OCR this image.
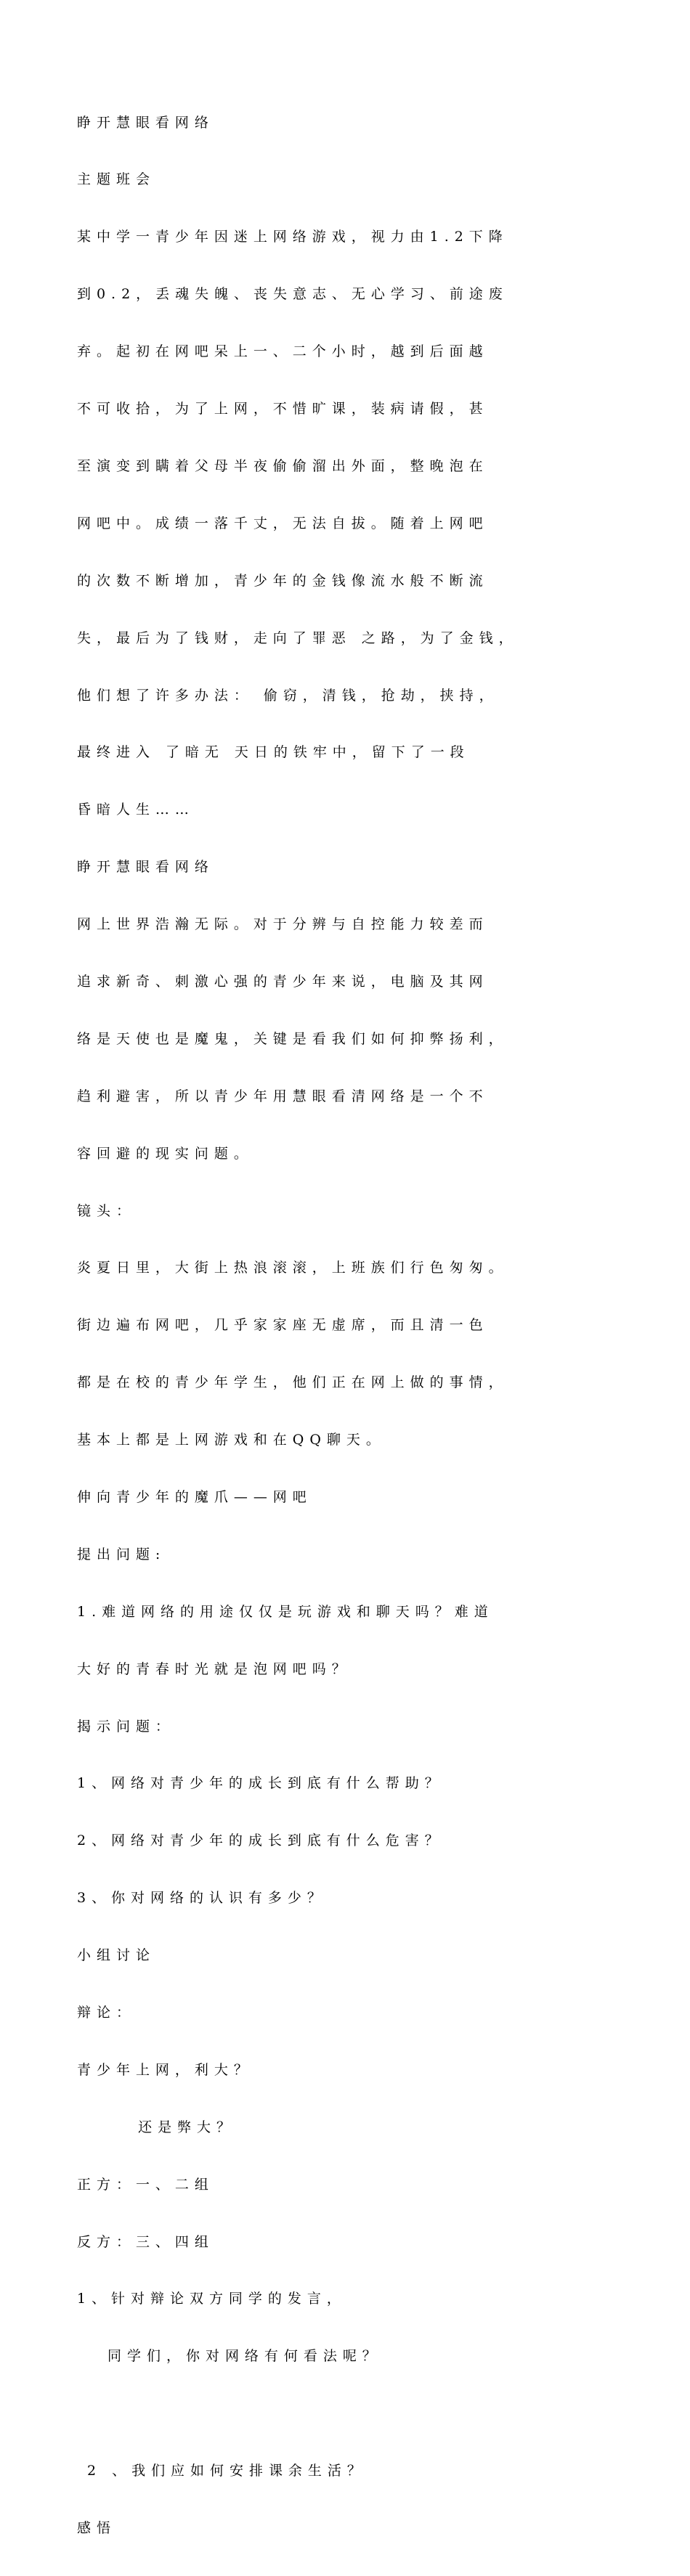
睁开慧眼看网络

主题班会

某中学一青少年因迷上网络游戏，视力由1.2下降

到0.2，丢魂失魄、丧失意志、无心学习、前途废

弃。起初在网吧呆上一、二个小时，越到后面越

不可收拾，为了上网，不惜旷课，装病请假，甚

至演变到瞒着父母半夜偷偷溜出外面，整晚泡在

网吧中。成绩一落千丈，无法自拔。随着上网吧

的次数不断增加，青少年的金钱像流水般不断流

失，最后为了钱财，走向了罪恶 之路，为了金钱，

他们想了许多办法： 偷窃，清钱，抢劫，挟持，

最终进入 了暗无 天日的铁牢中，留下了一段

昏暗人生……

睁开慧眼看网络

网上世界浩瀚无际。对于分辨与自控能力较差而

追求新奇、刺激心强的青少年来说，电脑及其网

络是天使也是魔鬼，关键是看我们如何抑弊扬利，

趋利避害，所以青少年用慧眼看清网络是一个不

容回避的现实问题。

镜头：

炎夏日里，大街上热浪滚滚，上班族们行色匆匆。

街边遍布网吧，几乎家家座无虚席，而且清一色

都是在校的青少年学生，他们正在网上做的事情，

基本上都是上网游戏和在QQ聊天。

伸向青少年的魔爪——网吧

提出问题:

1.难道网络的用途仅仅是玩游戏和聊天吗？难道

大好的青春时光就是泡网吧吗？

揭示问题：

1、网络对青少年的成长到底有什么帮助？

2、网络对青少年的成长到底有什么危害？

3、你对网络的认识有多少？

小组讨论

辩论：

青少年上网，利大？

还是弊大？

正方：一、二组

反方：三、四组

1、针对辩论双方同学的发言，

同学们，你对网络有何看法呢？

2 、我们应如何安排课余生活？

感悟
